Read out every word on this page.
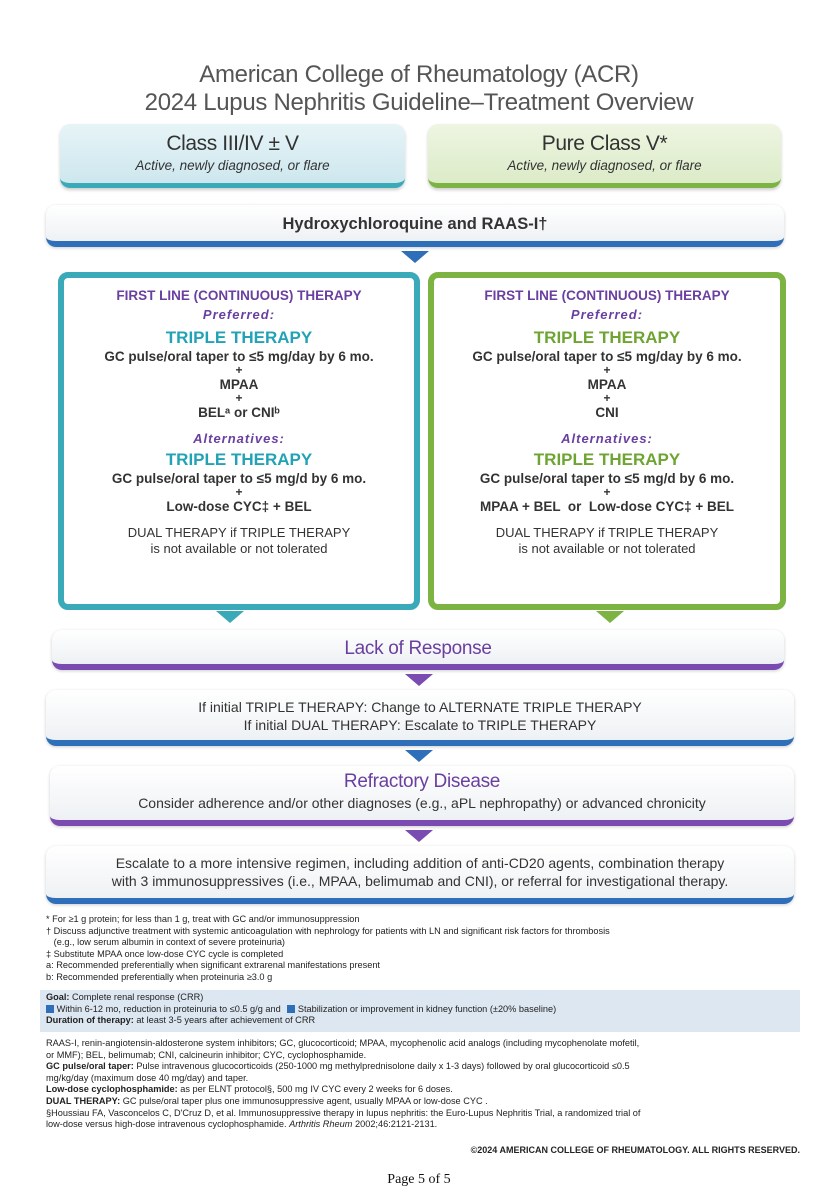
American College of Rheumatology (ACR)
2024 Lupus Nephritis Guideline–Treatment Overview
Class III/IV ± V

Active, newly diagnosed, or flare

Pure Class V*

Active, newly diagnosed, or flare

Hydroxychloroquine and RAAS-I†
FIRST LINE (CONTINUOUS) THERAPY
Preferred:
TRIPLE THERAPY
GC pulse/oral taper to ≤5 mg/day by 6 mo.
+
MPAA
+
BELᵃ or CNIᵇ
Alternatives:
TRIPLE THERAPY
GC pulse/oral taper to ≤5 mg/d by 6 mo.
+
Low-dose CYC‡ + BEL
DUAL THERAPY if TRIPLE THERAPY
is not available or not tolerated
FIRST LINE (CONTINUOUS) THERAPY
Preferred:
TRIPLE THERAPY
GC pulse/oral taper to ≤5 mg/day by 6 mo.
+
MPAA
+
CNI
Alternatives:
TRIPLE THERAPY
GC pulse/oral taper to ≤5 mg/d by 6 mo.
+
MPAA + BEL  or  Low-dose CYC‡ + BEL
DUAL THERAPY if TRIPLE THERAPY
is not available or not tolerated
Lack of Response
If initial TRIPLE THERAPY: Change to ALTERNATE TRIPLE THERAPY
If initial DUAL THERAPY: Escalate to TRIPLE THERAPY
Refractory Disease
Consider adherence and/or other diagnoses (e.g., aPL nephropathy) or advanced chronicity
Escalate to a more intensive regimen, including addition of anti-CD20 agents, combination therapy
with 3 immunosuppressives (i.e., MPAA, belimumab and CNI), or referral for investigational therapy.
* For ≥1 g protein; for less than 1 g, treat with GC and/or immunosuppression
† Discuss adjunctive treatment with systemic anticoagulation with nephrology for patients with LN and significant risk factors for thrombosis
(e.g., low serum albumin in context of severe proteinuria)
‡ Substitute MPAA once low-dose CYC cycle is completed
a: Recommended preferentially when significant extrarenal manifestations present
b: Recommended preferentially when proteinuria ≥3.0 g
Goal: Complete renal response (CRR)
Within 6-12 mo, reduction in proteinuria to ≤0.5 g/g and Stabilization or improvement in kidney function (±20% baseline)
Duration of therapy: at least 3-5 years after achievement of CRR
RAAS-I, renin-angiotensin-aldosterone system inhibitors; GC, glucocorticoid; MPAA, mycophenolic acid analogs (including mycophenolate mofetil,
or MMF); BEL, belimumab; CNI, calcineurin inhibitor; CYC, cyclophosphamide.
GC pulse/oral taper: Pulse intravenous glucocorticoids (250-1000 mg methylprednisolone daily x 1-3 days) followed by oral glucocorticoid ≤0.5
mg/kg/day (maximum dose 40 mg/day) and taper.
Low-dose cyclophosphamide: as per ELNT protocol§, 500 mg IV CYC every 2 weeks for 6 doses.
DUAL THERAPY: GC pulse/oral taper plus one immunosuppressive agent, usually MPAA or low-dose CYC .
§Houssiau FA, Vasconcelos C, D'Cruz D, et al. Immunosuppressive therapy in lupus nephritis: the Euro-Lupus Nephritis Trial, a randomized trial of
low-dose versus high-dose intravenous cyclophosphamide. Arthritis Rheum 2002;46:2121-2131.
©2024 AMERICAN COLLEGE OF RHEUMATOLOGY. ALL RIGHTS RESERVED.
Page 5 of 5
